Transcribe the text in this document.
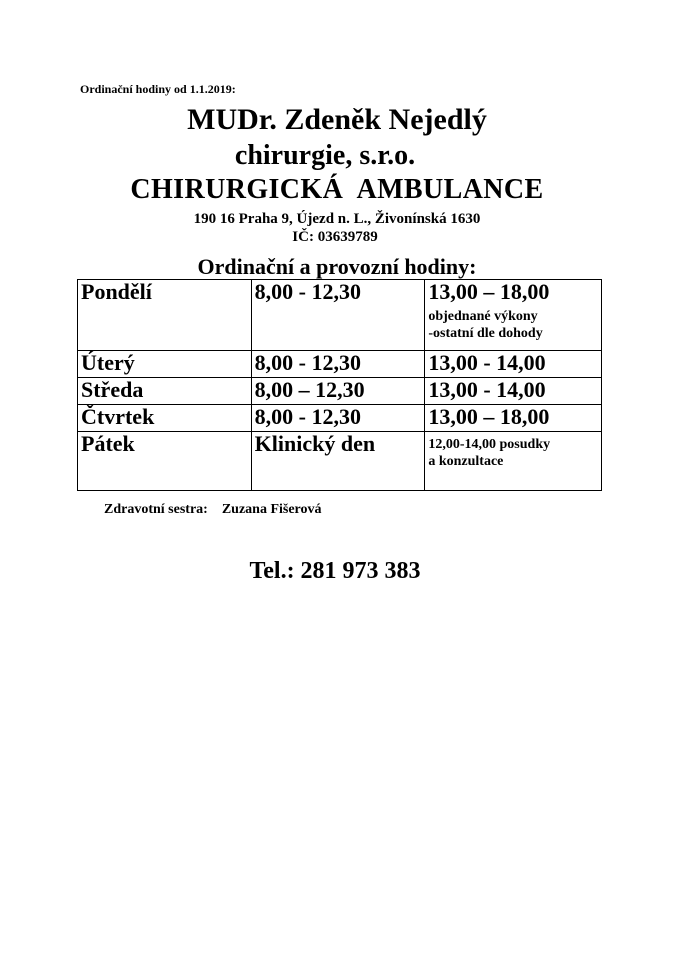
Ordinační hodiny od 1.1.2019:
MUDr. Zdeněk Nejedlý
chirurgie, s.r.o.
CHIRURGICKÁ  AMBULANCE
190 16 Praha 9, Újezd n. L., Živonínská 1630
IČ: 03639789
Ordinační a provozní hodiny:
Pondělí	8,00 - 12,30	13,00 – 18,00
objednané výkony
-ostatní dle dohody

Úterý	8,00 - 12,30	13,00 - 14,00
Středa	8,00 – 12,30	13,00 - 14,00
Čtvrtek	8,00 - 12,30	13,00 – 18,00
Pátek	Klinický den	12,00-14,00 posudky
a konzultace
Zdravotní sestra: Zuzana Fišerová
Tel.: 281 973 383
